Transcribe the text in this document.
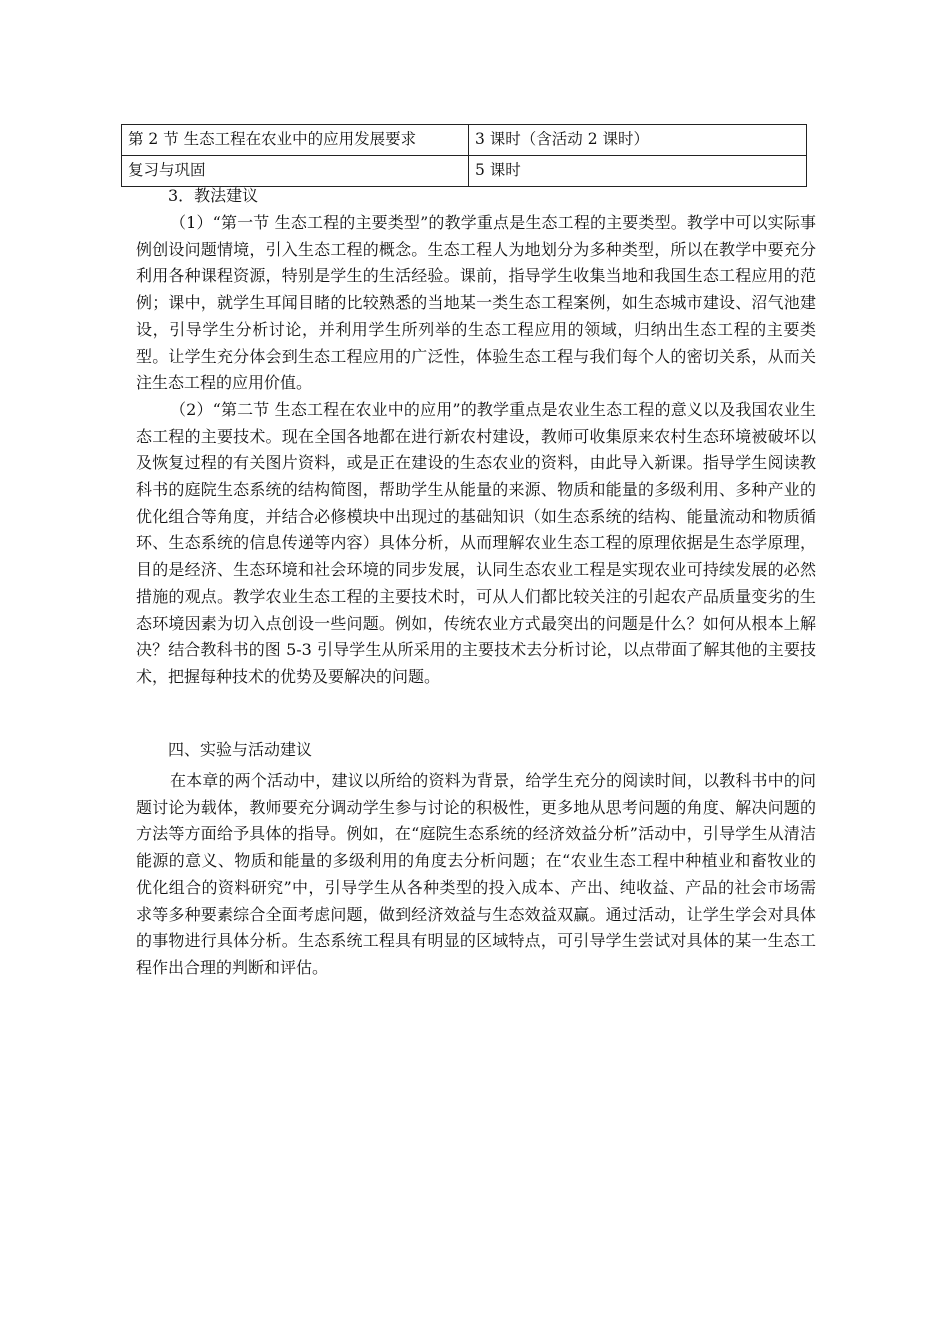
第 2 节 生态工程在农业中的应用发展要求	3 课时（含活动 2 课时）
复习与巩固	5 课时
3．教法建议

（1）“第一节 生态工程的主要类型”的教学重点是生态工程的主要类型。教学中可以实际事例创设问题情境，引入生态工程的概念。生态工程人为地划分为多种类型，所以在教学中要充分利用各种课程资源，特别是学生的生活经验。课前，指导学生收集当地和我国生态工程应用的范例；课中，就学生耳闻目睹的比较熟悉的当地某一类生态工程案例，如生态城市建设、沼气池建设，引导学生分析讨论，并利用学生所列举的生态工程应用的领域，归纳出生态工程的主要类型。让学生充分体会到生态工程应用的广泛性，体验生态工程与我们每个人的密切关系，从而关注生态工程的应用价值。

（2）“第二节 生态工程在农业中的应用”的教学重点是农业生态工程的意义以及我国农业生态工程的主要技术。现在全国各地都在进行新农村建设，教师可收集原来农村生态环境被破坏以及恢复过程的有关图片资料，或是正在建设的生态农业的资料，由此导入新课。指导学生阅读教科书的庭院生态系统的结构简图，帮助学生从能量的来源、物质和能量的多级利用、多种产业的优化组合等角度，并结合必修模块中出现过的基础知识（如生态系统的结构、能量流动和物质循环、生态系统的信息传递等内容）具体分析，从而理解农业生态工程的原理依据是生态学原理，目的是经济、生态环境和社会环境的同步发展，认同生态农业工程是实现农业可持续发展的必然措施的观点。教学农业生态工程的主要技术时，可从人们都比较关注的引起农产品质量变劣的生态环境因素为切入点创设一些问题。例如，传统农业方式最突出的问题是什么？如何从根本上解决？结合教科书的图 5-3 引导学生从所采用的主要技术去分析讨论，以点带面了解其他的主要技术，把握每种技术的优势及要解决的问题。

四、实验与活动建议

在本章的两个活动中，建议以所给的资料为背景，给学生充分的阅读时间，以教科书中的问题讨论为载体，教师要充分调动学生参与讨论的积极性，更多地从思考问题的角度、解决问题的方法等方面给予具体的指导。例如，在“庭院生态系统的经济效益分析”活动中，引导学生从清洁能源的意义、物质和能量的多级利用的角度去分析问题；在“农业生态工程中种植业和畜牧业的优化组合的资料研究”中，引导学生从各种类型的投入成本、产出、纯收益、产品的社会市场需求等多种要素综合全面考虑问题，做到经济效益与生态效益双赢。通过活动，让学生学会对具体的事物进行具体分析。生态系统工程具有明显的区域特点，可引导学生尝试对具体的某一生态工程作出合理的判断和评估。
